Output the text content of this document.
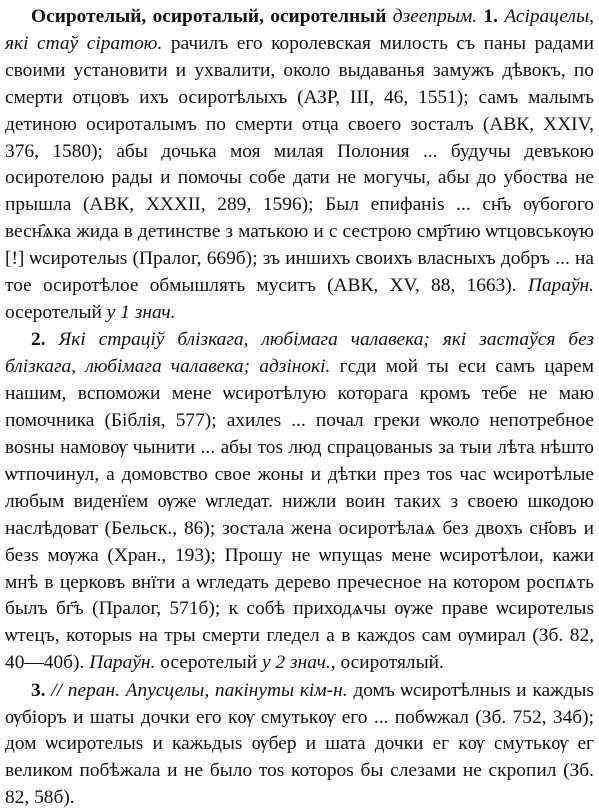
Осиротелый, осироталый, осиротелный дзеепрым. 1. Асірацелы, які стаў сіратою. рачилъ его королевская милость съ паны радами своими установити и ухвалити, около выдаванья замужъ дѣвокъ, по смерти отцовъ ихъ осиротѣлыхъ (АЗР, III, 46, 1551); самъ малымъ детиною осироталымъ по смерти отца своего зосталъ (АВК, XXIV, 376, 1580); абы дочька моя милая Полония ... будучы девъкою осиротелою рады и помочы собе дати не могучы, абы до убоства не прышла (АВК, XXXII, 289, 1596); Был епифаніѕ ... сн҃ъ ѹбогого весн҄ѧка жида в детинстве з матькою и с сестрою смр҃тию ѡтцовськѹю [!] ѡсиротелыѕ (Пралог, 669б); зъ иншихъ своихъ власныхъ добръ ... на тое осиротѣлое обмышлять муситъ (АВК, XV, 88, 1663). Параўн. осеротелый у 1 знач.

2. Які страціў блізкага, любімага чалавека; які застаўся без блізкага, любімага чалавека; адзінокі. гсди мой ты еси самъ царем нашим, вспоможи мене ѡсиротѣлую которага кромъ тебе не маю помочника (Біблія, 577); ахилеѕ ... почал греки ѡколо непотребное воѕны намовѹ чынити ... абы тоѕ люд спрацованыѕ за тыи лѣта нѣшто ѡтпочинул, а домовство свое жоны и дѣтки през тоѕ час ѡсиротѣлые любым виденїем ѹже ѡгледат. нижли воин таких з своею шкодою наслѣдоват (Бельск., 86); зостала жена осиротѣлаѧ без двохъ сн҃овъ и безѕ мѹжа (Хран., 193); Прошу не ѡпущаѕ мене ѡсиротѣлои, кажи мнѣ в церковъ внїти а ѡгледать дерево пречесное на котором роспѧть былъ бг҃ъ (Пралог, 571б); к собѣ приходѧчы ѹже праве ѡсиротелыѕ ѡтецъ, которыѕ на тры смерти гледел а в каждоѕ сам ѹмирал (Зб. 82, 40—40б). Параўн. осеротелый у 2 знач., осиротялый.

3. // перан. Апусцелы, пакінуты кім-н. домъ ѡсиротѣлныѕ и каждыѕ ѹбіоръ и шаты дочки его кѹ смутькѹ его ... побѡжал (Зб. 752, 34б); дом ѡсиротелыѕ и кажьдыѕ ѹбер и шата дочки ег кѹ смутькѹ ег великом побѣжала и не было тоѕ которoѕ бы слезами не скропил (Зб. 82, 58б).
